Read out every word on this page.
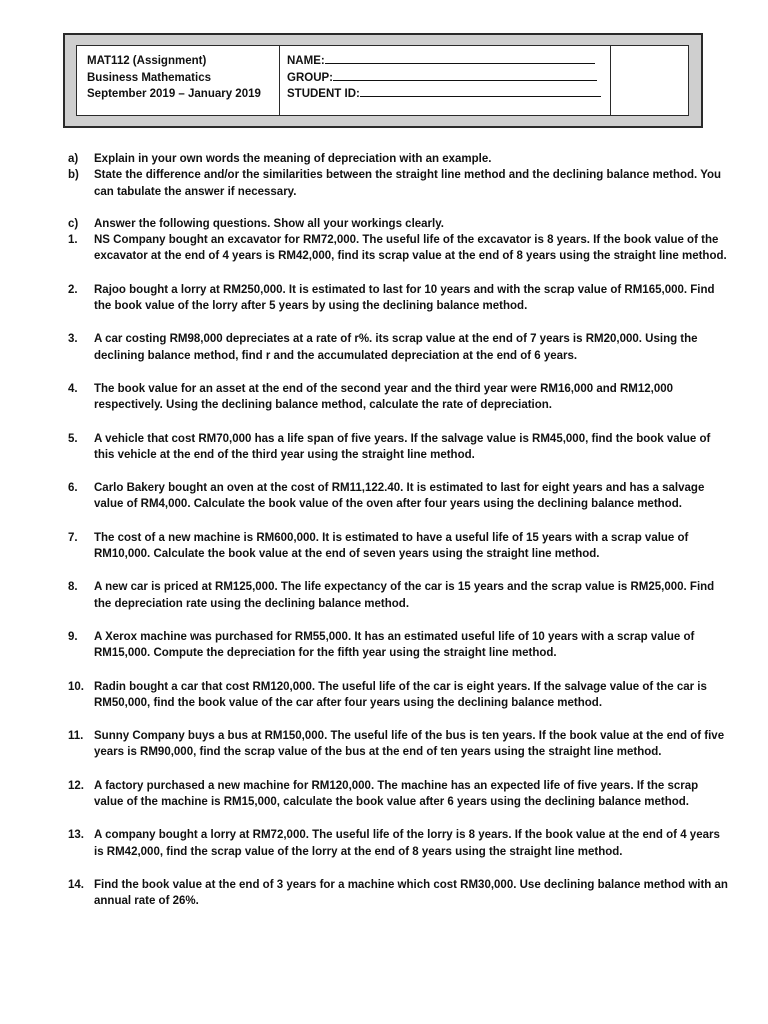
MAT112 (Assignment)
Business Mathematics
September 2019 – January 2019
NAME:
GROUP:
STUDENT ID:
a)	Explain in your own words the meaning of depreciation with an example.
b)	State the difference and/or the similarities between the straight line method and the declining balance method. You can tabulate the answer if necessary.
c)	Answer the following questions. Show all your workings clearly.
1.	NS Company bought an excavator for RM72,000. The useful life of the excavator is 8 years. If the book value of the excavator at the end of 4 years is RM42,000, find its scrap value at the end of 8 years using the straight line method.
2.	Rajoo bought a lorry at RM250,000. It is estimated to last for 10 years and with the scrap value of RM165,000. Find the book value of the lorry after 5 years by using the declining balance method.
3.	A car costing RM98,000 depreciates at a rate of r%. its scrap value at the end of 7 years is RM20,000. Using the declining balance method, find r and the accumulated depreciation at the end of 6 years.
4.	The book value for an asset at the end of the second year and the third year were RM16,000 and RM12,000 respectively. Using the declining balance method, calculate the rate of depreciation.
5.	A vehicle that cost RM70,000 has a life span of five years. If the salvage value is RM45,000, find the book value of this vehicle at the end of the third year using the straight line method.
6.	Carlo Bakery bought an oven at the cost of RM11,122.40. It is estimated to last for eight years and has a salvage value of RM4,000. Calculate the book value of the oven after four years using the declining balance method.
7.	The cost of a new machine is RM600,000. It is estimated to have a useful life of 15 years with a scrap value of RM10,000. Calculate the book value at the end of seven years using the straight line method.
8.	A new car is priced at RM125,000. The life expectancy of the car is 15 years and the scrap value is RM25,000. Find the depreciation rate using the declining balance method.
9.	A Xerox machine was purchased for RM55,000. It has an estimated useful life of 10 years with a scrap value of RM15,000. Compute the depreciation for the fifth year using the straight line method.
10. Radin bought a car that cost RM120,000. The useful life of the car is eight years. If the salvage value of the car is RM50,000, find the book value of the car after four years using the declining balance method.
11. Sunny Company buys a bus at RM150,000. The useful life of the bus is ten years. If the book value at the end of five years is RM90,000, find the scrap value of the bus at the end of ten years using the straight line method.
12. A factory purchased a new machine for RM120,000. The machine has an expected life of five years. If the scrap value of the machine is RM15,000, calculate the book value after 6 years using the declining balance method.
13. A company bought a lorry at RM72,000. The useful life of the lorry is 8 years. If the book value at the end of 4 years is RM42,000, find the scrap value of the lorry at the end of 8 years using the straight line method.
14. Find the book value at the end of 3 years for a machine which cost RM30,000. Use declining balance method with an annual rate of 26%.
